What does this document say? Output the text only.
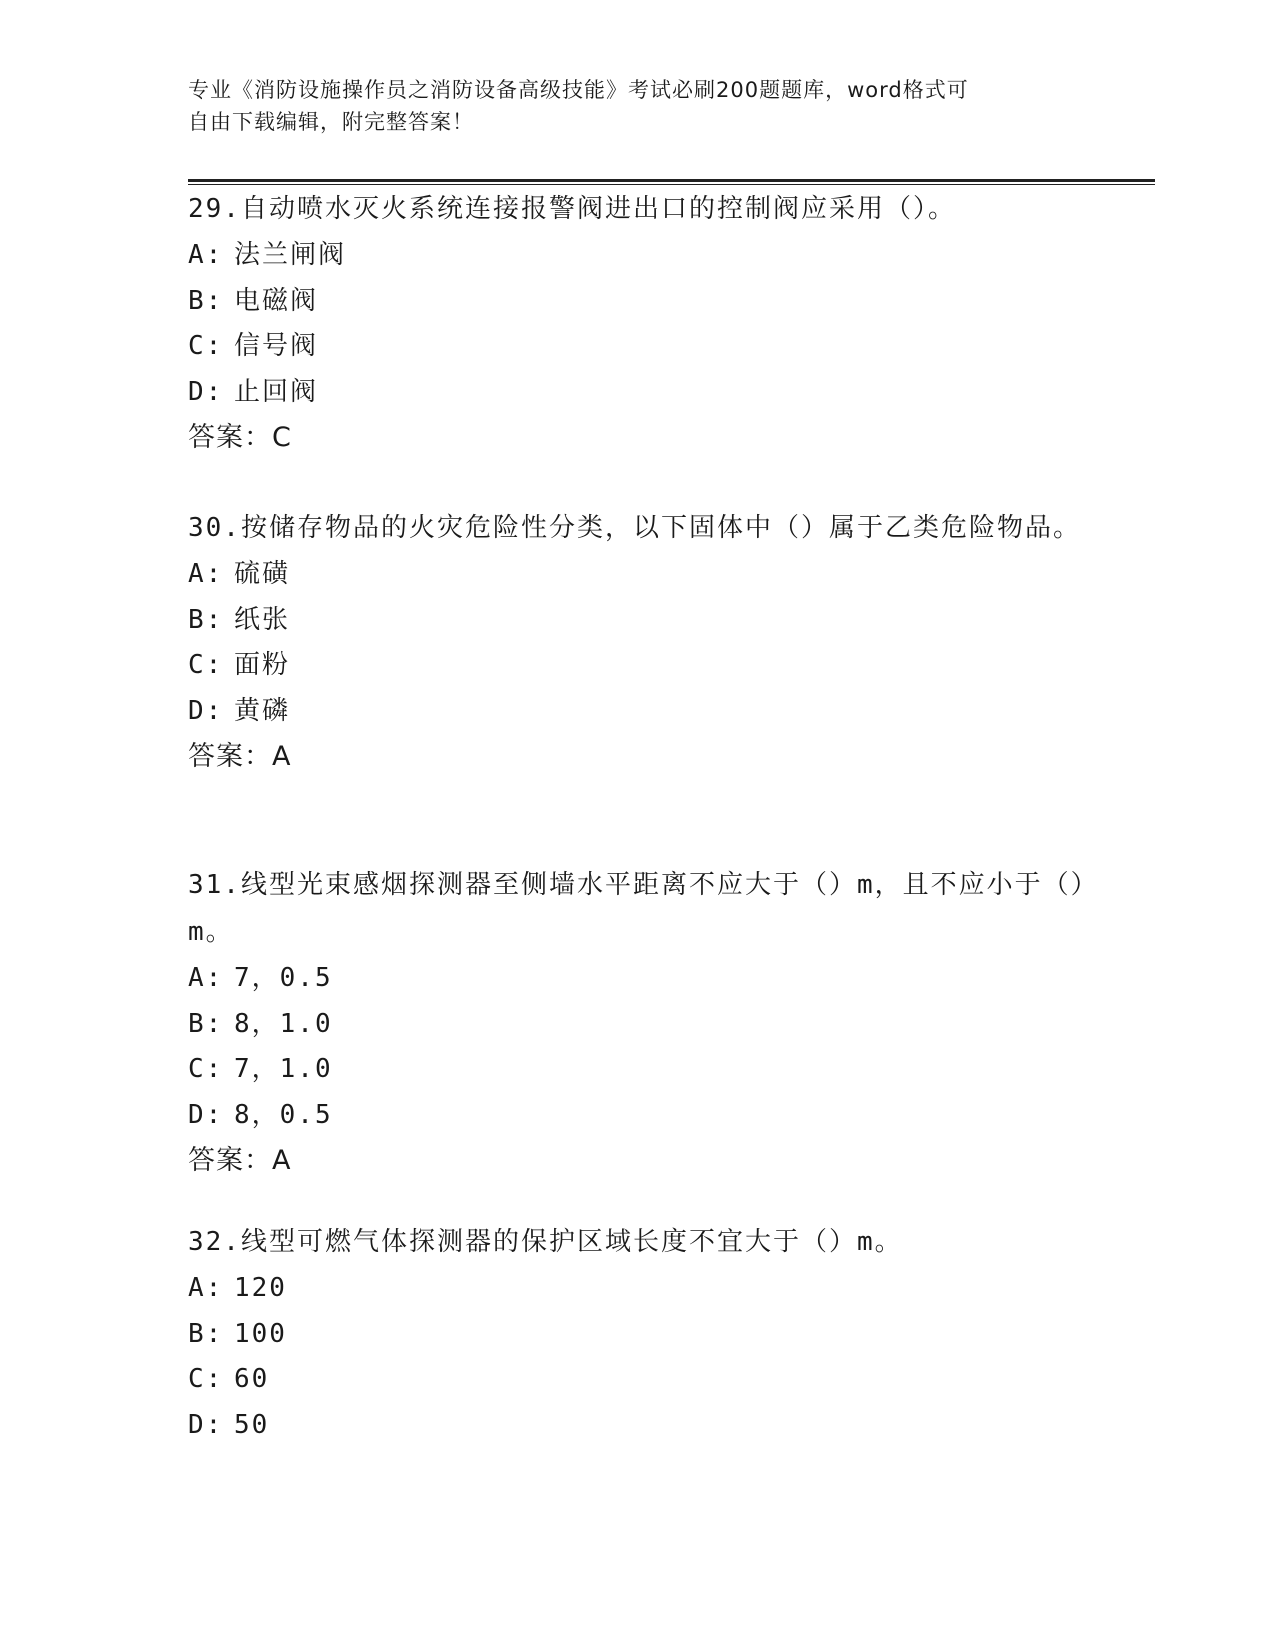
专业《消防设施操作员之消防设备高级技能》考试必刷200题题库，word格式可
自由下载编辑，附完整答案！
29.自动喷水灭火系统连接报警阀进出口的控制阀应采用（）。
A: 法兰闸阀
B: 电磁阀
C: 信号阀
D: 止回阀
答案：C
30.按储存物品的火灾危险性分类，以下固体中（）属于乙类危险物品。
A: 硫磺
B: 纸张
C: 面粉
D: 黄磷
答案：A
31.线型光束感烟探测器至侧墙水平距离不应大于（）m，且不应小于（）m。
A: 7，0.5
B: 8，1.0
C: 7，1.0
D: 8，0.5
答案：A
32.线型可燃气体探测器的保护区域长度不宜大于（）m。
A: 120
B: 100
C: 60
D: 50
